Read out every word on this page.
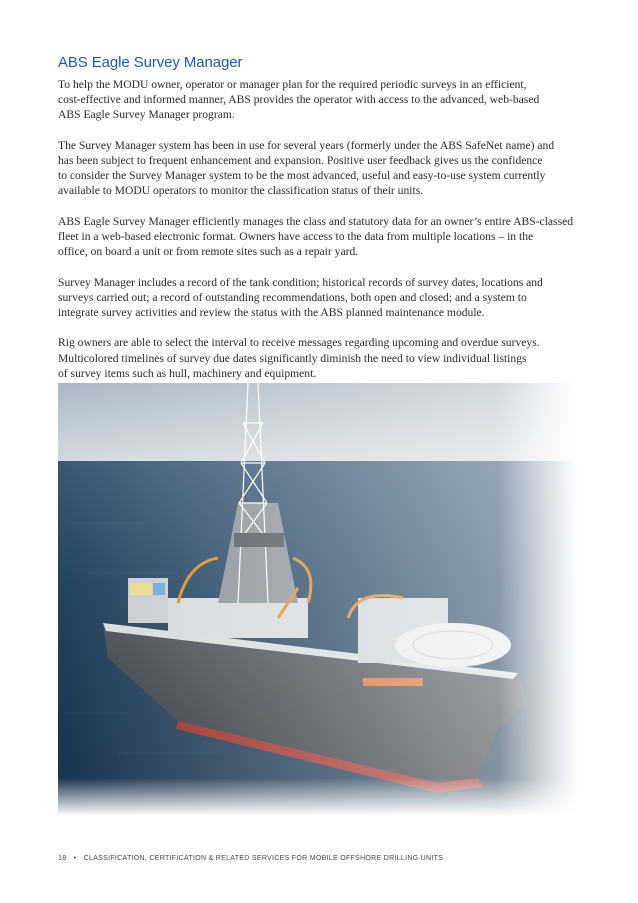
ABS Eagle Survey Manager

To help the MODU owner, operator or manager plan for the required periodic surveys in an efficient,
cost-effective and informed manner, ABS provides the operator with access to the advanced, web-based
ABS Eagle Survey Manager program.

The Survey Manager system has been in use for several years (formerly under the ABS SafeNet name) and
has been subject to frequent enhancement and expansion. Positive user feedback gives us the confidence
to consider the Survey Manager system to be the most advanced, useful and easy-to-use system currently
available to MODU operators to monitor the classification status of their units.

ABS Eagle Survey Manager efficiently manages the class and statutory data for an owner’s entire ABS-classed
fleet in a web-based electronic format. Owners have access to the data from multiple locations – in the
office, on board a unit or from remote sites such as a repair yard.

Survey Manager includes a record of the tank condition; historical records of survey dates, locations and
surveys carried out; a record of outstanding recommendations, both open and closed; and a system to
integrate survey activities and review the status with the ABS planned maintenance module.

Rig owners are able to select the interval to receive messages regarding upcoming and overdue surveys.
Multicolored timelines of survey due dates significantly diminish the need to view individual listings
of survey items such as hull, machinery and equipment.

18 • CLASSIFICATION, CERTIFICATION & RELATED SERVICES FOR MOBILE OFFSHORE DRILLING UNITS
